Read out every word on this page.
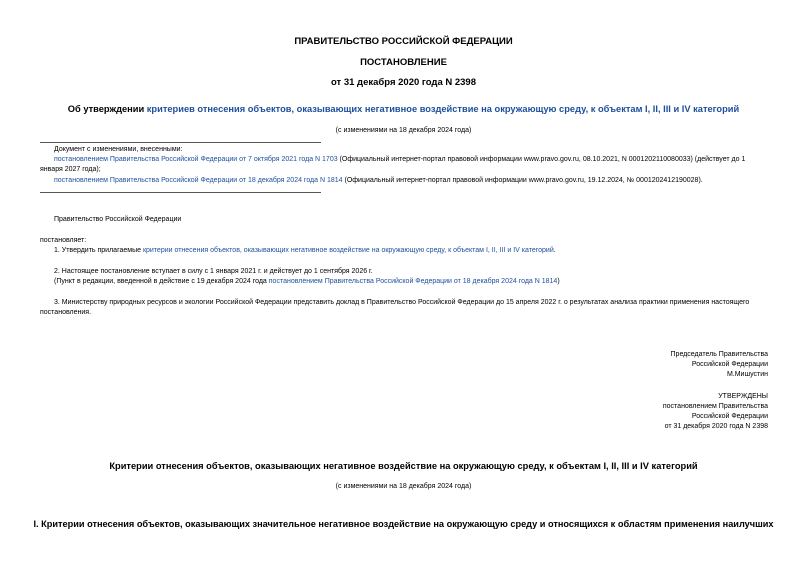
ПРАВИТЕЛЬСТВО РОССИЙСКОЙ ФЕДЕРАЦИИ
ПОСТАНОВЛЕНИЕ
от 31 декабря 2020 года N 2398
Об утверждении критериев отнесения объектов, оказывающих негативное воздействие на окружающую среду, к объектам I, II, III и IV категорий
(с изменениями на 18 декабря 2024 года)
Документ с изменениями, внесенными:
постановлением Правительства Российской Федерации от 7 октября 2021 года N 1703 (Официальный интернет-портал правовой информации www.pravo.gov.ru, 08.10.2021, N 0001202110080033) (действует до 1 января 2027 года);
постановлением Правительства Российской Федерации от 18 декабря 2024 года N 1814 (Официальный интернет-портал правовой информации www.pravo.gov.ru, 19.12.2024, № 0001202412190028).
Правительство Российской Федерации
постановляет:
1. Утвердить прилагаемые критерии отнесения объектов, оказывающих негативное воздействие на окружающую среду, к объектам I, II, III и IV категорий.
2. Настоящее постановление вступает в силу с 1 января 2021 г. и действует до 1 сентября 2026 г.
(Пункт в редакции, введенной в действие с 19 декабря 2024 года постановлением Правительства Российской Федерации от 18 декабря 2024 года N 1814)
3. Министерству природных ресурсов и экологии Российской Федерации представить доклад в Правительство Российской Федерации до 15 апреля 2022 г. о результатах анализа практики применения настоящего постановления.
Председатель Правительства
Российской Федерации
М.Мишустин
УТВЕРЖДЕНЫ
постановлением Правительства
Российской Федерации
от 31 декабря 2020 года N 2398
Критерии отнесения объектов, оказывающих негативное воздействие на окружающую среду, к объектам I, II, III и IV категорий
(с изменениями на 18 декабря 2024 года)
I. Критерии отнесения объектов, оказывающих значительное негативное воздействие на окружающую среду и относящихся к областям применения наилучших
